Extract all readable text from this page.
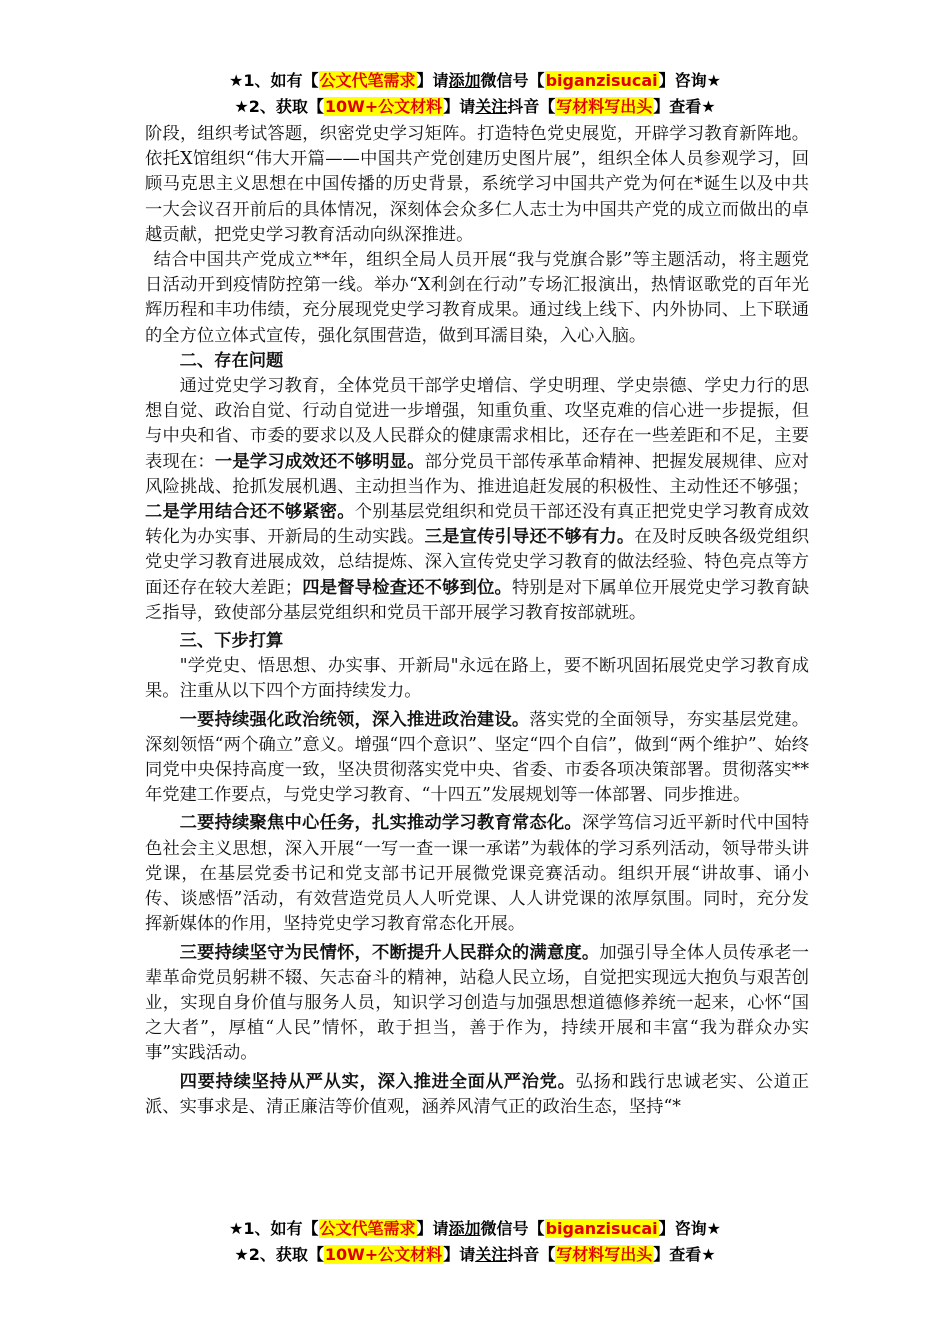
★1、如有【公文代笔需求】请添加微信号【biganzisucai】咨询★
★2、获取【10W+公文材料】请关注抖音【写材料写出头】查看★

阶段，组织考试答题，织密党史学习矩阵。打造特色党史展览，开辟学习教育新阵地。依托X馆组织“伟大开篇——中国共产党创建历史图片展”，组织全体人员参观学习，回顾马克思主义思想在中国传播的历史背景，系统学习中国共产党为何在*诞生以及中共一大会议召开前后的具体情况，深刻体会众多仁人志士为中国共产党的成立而做出的卓越贡献，把党史学习教育活动向纵深推进。

结合中国共产党成立**年，组织全局人员开展“我与党旗合影”等主题活动，将主题党日活动开到疫情防控第一线。举办“X利剑在行动”专场汇报演出，热情讴歌党的百年光辉历程和丰功伟绩，充分展现党史学习教育成果。通过线上线下、内外协同、上下联通的全方位立体式宣传，强化氛围营造，做到耳濡目染，入心入脑。

二、存在问题

通过党史学习教育，全体党员干部学史增信、学史明理、学史崇德、学史力行的思想自觉、政治自觉、行动自觉进一步增强，知重负重、攻坚克难的信心进一步提振，但与中央和省、市委的要求以及人民群众的健康需求相比，还存在一些差距和不足，主要表现在：一是学习成效还不够明显。部分党员干部传承革命精神、把握发展规律、应对风险挑战、抢抓发展机遇、主动担当作为、推进追赶发展的积极性、主动性还不够强；二是学用结合还不够紧密。个别基层党组织和党员干部还没有真正把党史学习教育成效转化为办实事、开新局的生动实践。三是宣传引导还不够有力。在及时反映各级党组织党史学习教育进展成效，总结提炼、深入宣传党史学习教育的做法经验、特色亮点等方面还存在较大差距；四是督导检查还不够到位。特别是对下属单位开展党史学习教育缺乏指导，致使部分基层党组织和党员干部开展学习教育按部就班。

三、下步打算

"学党史、悟思想、办实事、开新局"永远在路上，要不断巩固拓展党史学习教育成果。注重从以下四个方面持续发力。

一要持续强化政治统领，深入推进政治建设。落实党的全面领导，夯实基层党建。深刻领悟“两个确立”意义。增强“四个意识”、坚定“四个自信”，做到“两个维护”、始终同党中央保持高度一致，坚决贯彻落实党中央、省委、市委各项决策部署。贯彻落实**年党建工作要点，与党史学习教育、“十四五”发展规划等一体部署、同步推进。

二要持续聚焦中心任务，扎实推动学习教育常态化。深学笃信习近平新时代中国特色社会主义思想，深入开展“一写一查一课一承诺”为载体的学习系列活动，领导带头讲党课，在基层党委书记和党支部书记开展微党课竞赛活动。组织开展“讲故事、诵小传、谈感悟”活动，有效营造党员人人听党课、人人讲党课的浓厚氛围。同时，充分发挥新媒体的作用，坚持党史学习教育常态化开展。

三要持续坚守为民情怀，不断提升人民群众的满意度。加强引导全体人员传承老一辈革命党员躬耕不辍、矢志奋斗的精神，站稳人民立场，自觉把实现远大抱负与艰苦创业，实现自身价值与服务人员，知识学习创造与加强思想道德修养统一起来，心怀“国之大者”，厚植“人民”情怀，敢于担当，善于作为，持续开展和丰富“我为群众办实事”实践活动。

四要持续坚持从严从实，深入推进全面从严治党。弘扬和践行忠诚老实、公道正派、实事求是、清正廉洁等价值观，涵养风清气正的政治生态，坚持“*

★1、如有【公文代笔需求】请添加微信号【biganzisucai】咨询★
★2、获取【10W+公文材料】请关注抖音【写材料写出头】查看★
